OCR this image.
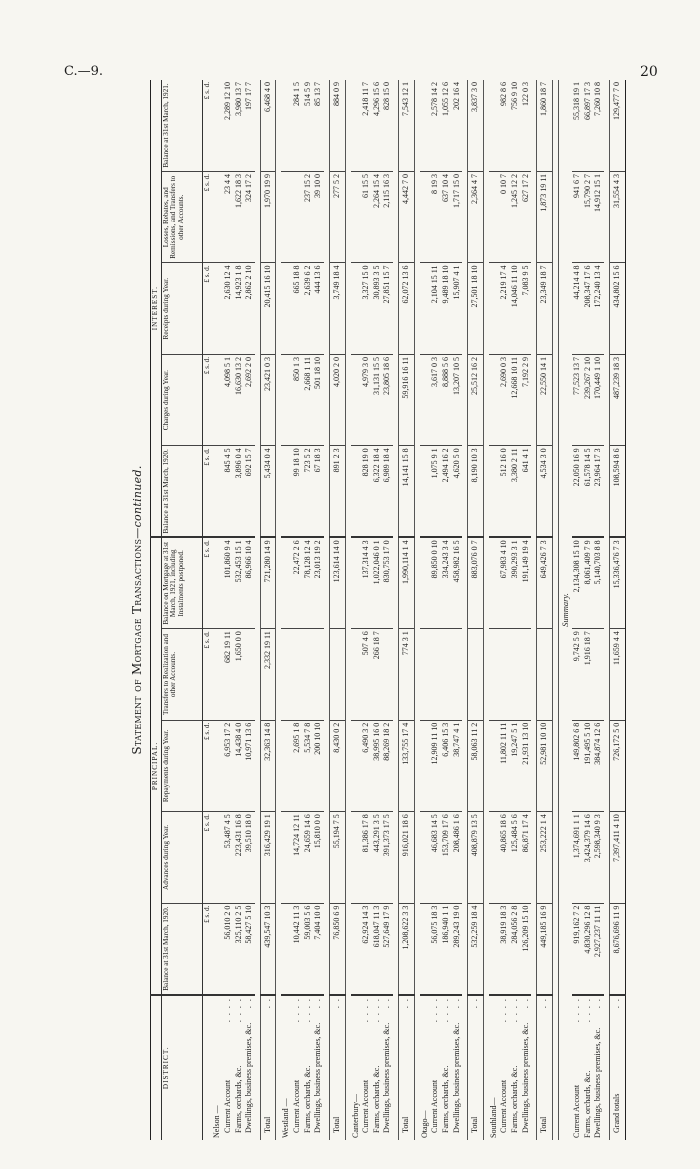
C.—9.	20
Statement of Mortgage Transactions—continued.
	PRINCIPAL.					INTEREST.				
DISTRICT.	Balance at 31st March, 1920.	Advances during Year.	Repayments during Year.	Transfers to Realization and other Accounts.	Balance on Mortgage at 31st March, 1921, including Instalments postponed.	Balance at 31st March, 1920.	Charges during Year.	Receipts during Year.	Losses, Rebates, and Remissions, and Transfers to other Accounts.	Balance at 31st March, 1921.
	£ s. d.	£ s. d.	£ s. d.	£ s. d.	£ s. d.	£ s. d.	£ s. d.	£ s. d.	£ s. d.	£ s. d.
Nelson —										
Current Account
. . . .	56,010 2 0	53,487 4 5	6,953 17 2	682 19 11	101,860 9 4	845 4 5	4,098 5 1	2,630 12 4	23 4 4	2,289 12 10
Farms, orchards, &c.
. . . .	325,110 2 5	223,431 16 8	14,438 4 0	1,650 0 0	532,453 15 1	3,896 0 4	16,630 13 2	14,923 1 8	1,622 18 3	3,980 13 7
Dwellings, business premises, &c.
. .	58,427 5 10	39,510 18 0	10,971 13 6		86,966 10 4	692 15 7	2,692 2 0	2,862 2 10	324 17 2	197 17 7

Total
. .	439,547 10 3	316,429 19 1	32,363 14 8	2,332 19 11	721,280 14 9	5,434 0 4	23,421 0 3	20,415 16 10	1,970 19 9	6,468 4 0

Westland —										
Current Account
. . . .	10,442 11 3	14,724 12 11	2,695 1 8		22,472 2 6	99 18 10	850 1 3	665 18 8		284 1 5
Farms, orchards, &c.
. . . .	59,003 5 6	24,659 14 6	5,534 7 8		78,128 12 4	723 5 2	2,668 1 11	2,639 6 2	237 15 2	514 5 9
Dwellings, business premises, &c.
. .	7,404 10 0	15,810 0 0	200 10 10		23,013 19 2	67 18 3	501 18 10	444 13 6	39 10 0	85 13 7

Total
. .	76,850 6 9	55,194 7 5	8,430 0 2		123,614 14 0	891 2 3	4,020 2 0	3,749 18 4	277 5 2	884 0 9

Canterbury—										
Current Account
. . . .	62,924 14 3	81,386 17 8	6,490 3 2	507 4 6	137,314 4 3	828 19 0	4,979 3 0	3,327 15 0	61 15 5	2,418 11 7
Farms, orchards, &c.
. . . .	618,047 11 3	443,291 3 5	38,995 16 0	266 18 7	1,022,046 0 1	6,322 18 4	31,131 15 5	30,893 3 5	2,264 15 4	4,296 15 6
Dwellings, business premises, &c.
. .	527,649 17 9	391,373 17 5	88,269 18 2		830,753 17 0	6,989 18 4	23,805 18 6	27,851 15 7	2,115 16 3	828 15 0

Total
. .	1,208,622 3 3	916,021 18 6	133,755 17 4	774 3 1	1,990,114 1 4	14,141 15 8	59,916 16 11	62,072 13 6	4,442 7 0	7,543 12 1

Otago—										
Current Account
. . . .	56,075 18 3	46,683 14 5	12,909 11 10		89,850 0 10	1,075 9 1	3,617 0 3	2,104 15 11	8 19 3	2,578 14 2
Farms, orchards, &c.
. . . .	186,940 1 1	153,709 17 6	6,406 15 3		334,243 3 4	2,494 16 2	8,888 5 6	9,489 18 10	637 10 4	1,055 12 6
Dwellings, business premises, &c.
. .	289,243 19 0	208,486 1 6	38,747 4 1		458,982 16 5	4,620 5 0	13,207 10 5	15,907 4 1	1,717 15 0	202 16 4

Total
. .	532,259 18 4	408,879 13 5	58,063 11 2		883,076 0 7	8,190 10 3	25,512 16 2	27,501 18 10	2,364 4 7	3,837 3 0

Southland—										
Current Account
. . . .	38,919 18 3	40,865 18 6	11,802 11 11		67,983 4 10	512 16 0	2,690 0 3	2,219 17 4	0 10 7	982 8 6
Farms, orchards, &c.
. . . .	284,056 2 8	125,484 5 6	19,247 5 1		390,293 3 1	3,380 2 11	12,668 10 11	14,046 11 10	1,245 12 2	756 9 10
Dwellings, business premises, &c.
. .	126,209 15 10	86,871 17 4	21,931 13 10		191,149 19 4	641 4 1	7,192 2 9	7,083 9 5	627 17 2	122 0 3

Total
. .	449,185 16 9	253,222 1 4	52,981 10 10		649,426 7 3	4,534 3 0	22,550 14 1	23,349 18 7	1,873 19 11	1,860 18 7

Summary.										
Current Account
. . . .	919,162 7 2	1,374,691 1 1	149,802 6 8	9,742 5 9	2,134,308 15 10	22,050 16 9	77,523 13 7	44,214 4 8	941 6 7	55,318 19 1
Farms, orchards, &c.
. . . .	4,830,296 12 8	3,424,379 14 6	191,495 5 10	1,916 18 7	8,061,409 7 9	61,578 14 5	239,267 2 10	208,347 17 6	15,790 2 7	66,897 17 3
Dwellings, business premises, &c.
. .	2,927,237 11 11	2,598,340 9 3	384,874 12 6		5,140,703 8 8	23,964 17 3	170,449 1 10	172,240 13 4	14,912 15 1	7,260 10 8

Grand totals
. .	8,676,696 11 9	7,397,411 4 10	726,172 5 0	11,659 4 4	15,336,476 7 3	108,594 8 6	487,239 18 3	434,802 15 6	31,554 4 3	129,477 7 0
